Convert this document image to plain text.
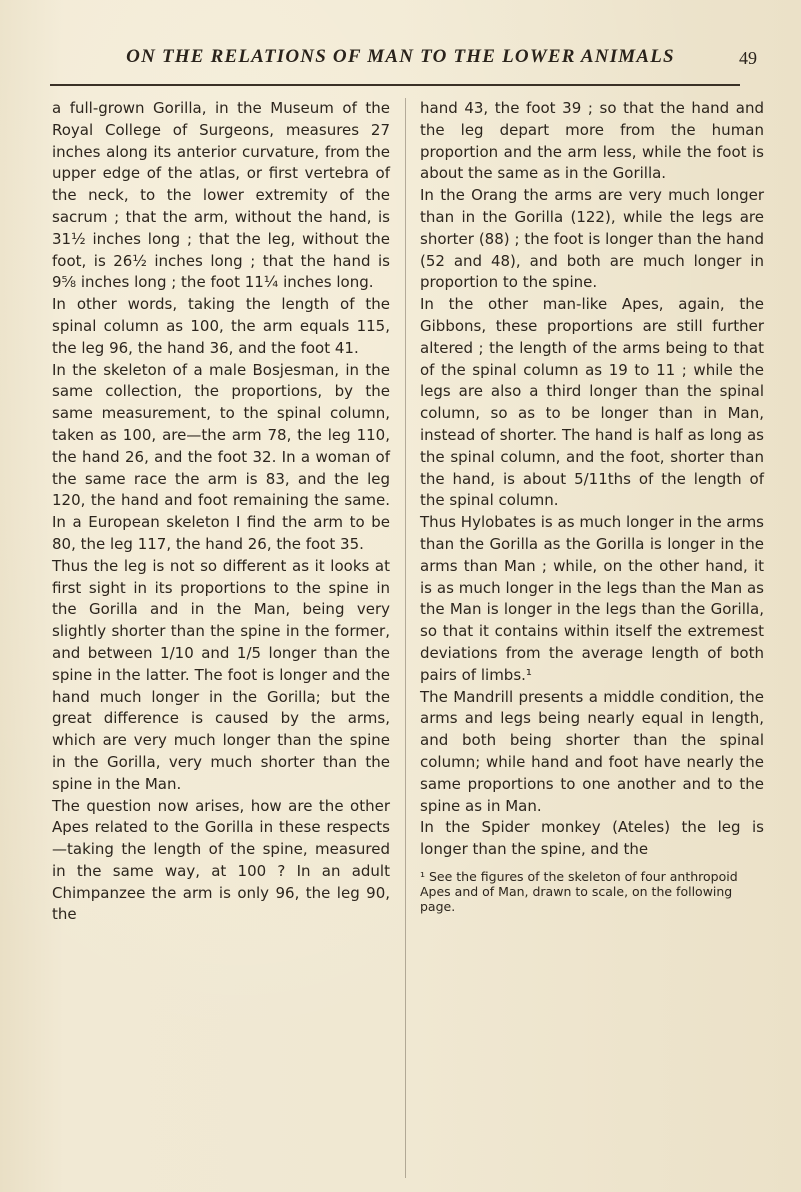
ON THE RELATIONS OF MAN TO THE LOWER ANIMALS	49

a full-grown Gorilla, in the Museum of the Royal College of Surgeons, measures 27 inches along its anterior curvature, from the upper edge of the atlas, or first vertebra of the neck, to the lower extremity of the sacrum ; that the arm, without the hand, is 31½ inches long ; that the leg, without the foot, is 26½ inches long ; that the hand is 9⅝ inches long ; the foot 11¼ inches long.

In other words, taking the length of the spinal column as 100, the arm equals 115, the leg 96, the hand 36, and the foot 41.

In the skeleton of a male Bosjesman, in the same collection, the proportions, by the same measurement, to the spinal column, taken as 100, are—the arm 78, the leg 110, the hand 26, and the foot 32. In a woman of the same race the arm is 83, and the leg 120, the hand and foot remaining the same. In a European skeleton I find the arm to be 80, the leg 117, the hand 26, the foot 35.

Thus the leg is not so different as it looks at first sight in its proportions to the spine in the Gorilla and in the Man, being very slightly shorter than the spine in the former, and between 1/10 and 1/5 longer than the spine in the latter. The foot is longer and the hand much longer in the Gorilla; but the great difference is caused by the arms, which are very much longer than the spine in the Gorilla, very much shorter than the spine in the Man.

The question now arises, how are the other Apes related to the Gorilla in these respects—taking the length of the spine, measured in the same way, at 100 ? In an adult Chimpanzee the arm is only 96, the leg 90, the

hand 43, the foot 39 ; so that the hand and the leg depart more from the human proportion and the arm less, while the foot is about the same as in the Gorilla.

In the Orang the arms are very much longer than in the Gorilla (122), while the legs are shorter (88) ; the foot is longer than the hand (52 and 48), and both are much longer in proportion to the spine.

In the other man-like Apes, again, the Gibbons, these proportions are still further altered ; the length of the arms being to that of the spinal column as 19 to 11 ; while the legs are also a third longer than the spinal column, so as to be longer than in Man, instead of shorter. The hand is half as long as the spinal column, and the foot, shorter than the hand, is about 5/11ths of the length of the spinal column.

Thus Hylobates is as much longer in the arms than the Gorilla as the Gorilla is longer in the arms than Man ; while, on the other hand, it is as much longer in the legs than the Man as the Man is longer in the legs than the Gorilla, so that it contains within itself the extremest deviations from the average length of both pairs of limbs.¹

The Mandrill presents a middle condition, the arms and legs being nearly equal in length, and both being shorter than the spinal column; while hand and foot have nearly the same proportions to one another and to the spine as in Man.

In the Spider monkey (Ateles) the leg is longer than the spine, and the

¹ See the figures of the skeleton of four anthropoid Apes and of Man, drawn to scale, on the following page.
